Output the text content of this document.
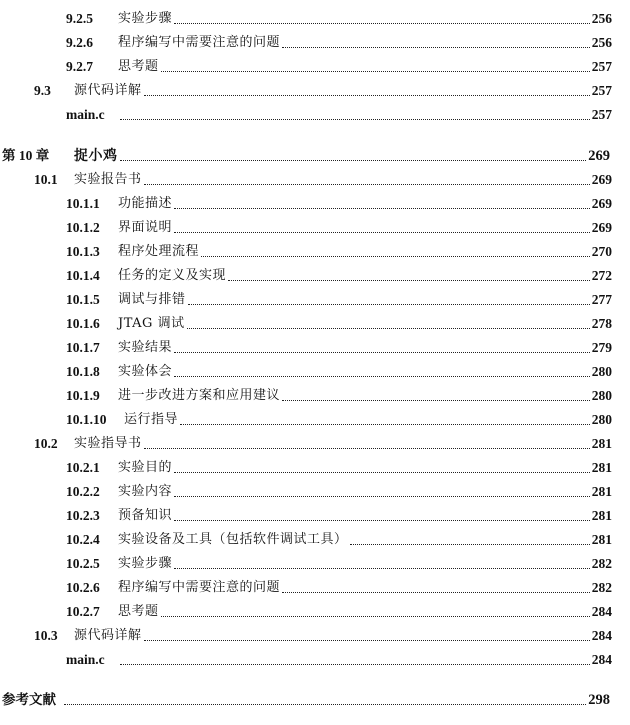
9.2.5	实验步骤	256
9.2.6	程序编写中需要注意的问题	256
9.2.7	思考题	257
9.3	源代码详解	257
main.c	257
第 10 章	捉小鸡	269
10.1	实验报告书	269
10.1.1	功能描述	269
10.1.2	界面说明	269
10.1.3	程序处理流程	270
10.1.4	任务的定义及实现	272
10.1.5	调试与排错	277
10.1.6	JTAG 调试	278
10.1.7	实验结果	279
10.1.8	实验体会	280
10.1.9	进一步改进方案和应用建议	280
10.1.10	运行指导	280
10.2	实验指导书	281
10.2.1	实验目的	281
10.2.2	实验内容	281
10.2.3	预备知识	281
10.2.4	实验设备及工具（包括软件调试工具）	281
10.2.5	实验步骤	282
10.2.6	程序编写中需要注意的问题	282
10.2.7	思考题	284
10.3	源代码详解	284
main.c	284
参考文献	298
